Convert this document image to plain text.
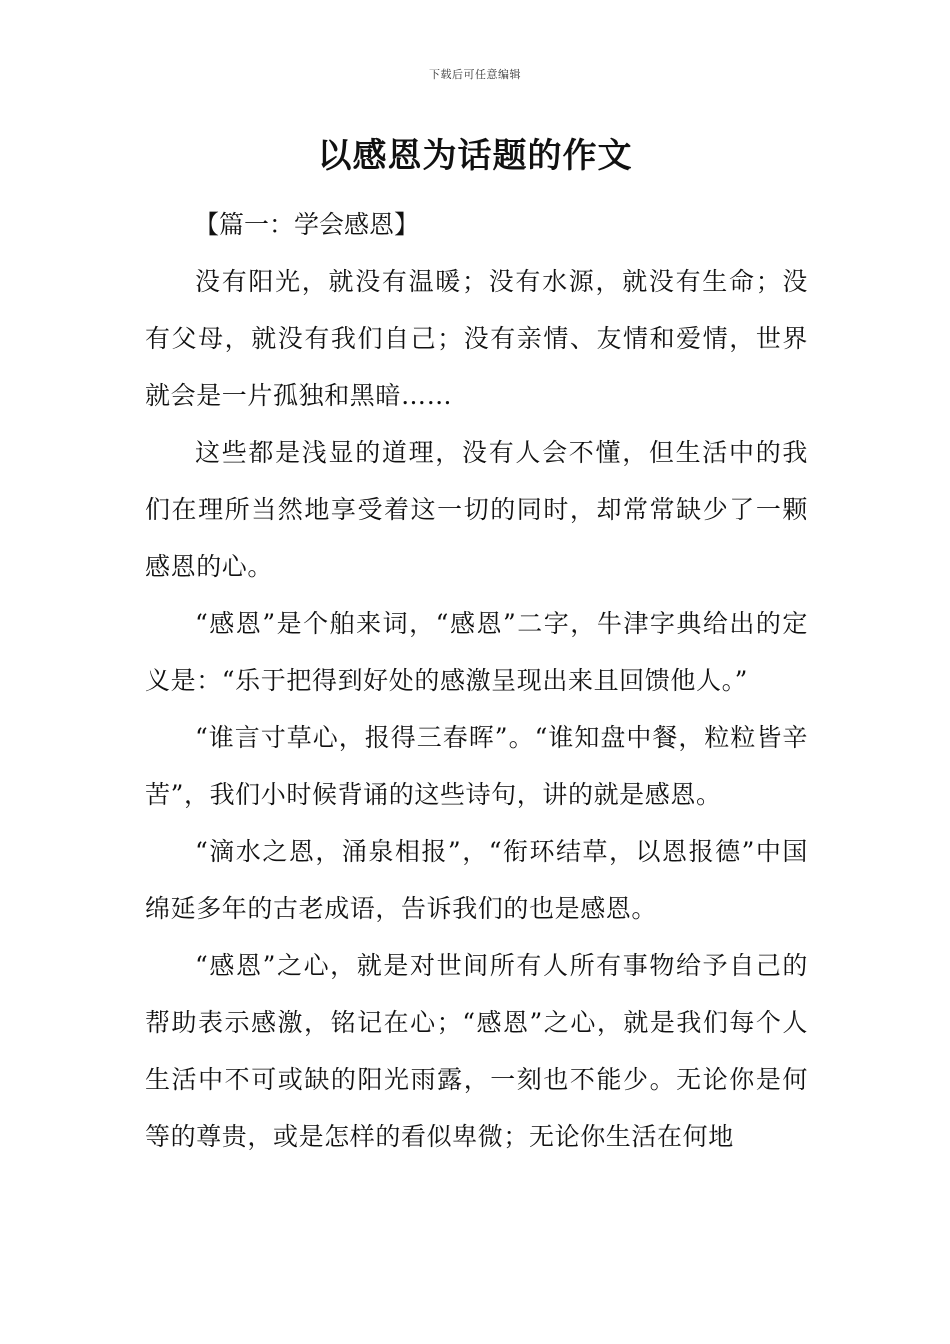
下载后可任意编辑
以感恩为话题的作文

【篇一：学会感恩】

没有阳光，就没有温暖；没有水源，就没有生命；没有父母，就没有我们自己；没有亲情、友情和爱情，世界就会是一片孤独和黑暗……

这些都是浅显的道理，没有人会不懂，但生活中的我们在理所当然地享受着这一切的同时，却常常缺少了一颗感恩的心。

“感恩”是个舶来词，“感恩”二字，牛津字典给出的定义是：“乐于把得到好处的感激呈现出来且回馈他人。”

“谁言寸草心，报得三春晖”。“谁知盘中餐，粒粒皆辛苦”，我们小时候背诵的这些诗句，讲的就是感恩。

“滴水之恩，涌泉相报”，“衔环结草，以恩报德”中国绵延多年的古老成语，告诉我们的也是感恩。

“感恩”之心，就是对世间所有人所有事物给予自己的帮助表示感激，铭记在心；“感恩”之心，就是我们每个人生活中不可或缺的阳光雨露，一刻也不能少。无论你是何等的尊贵，或是怎样的看似卑微；无论你生活在何地
